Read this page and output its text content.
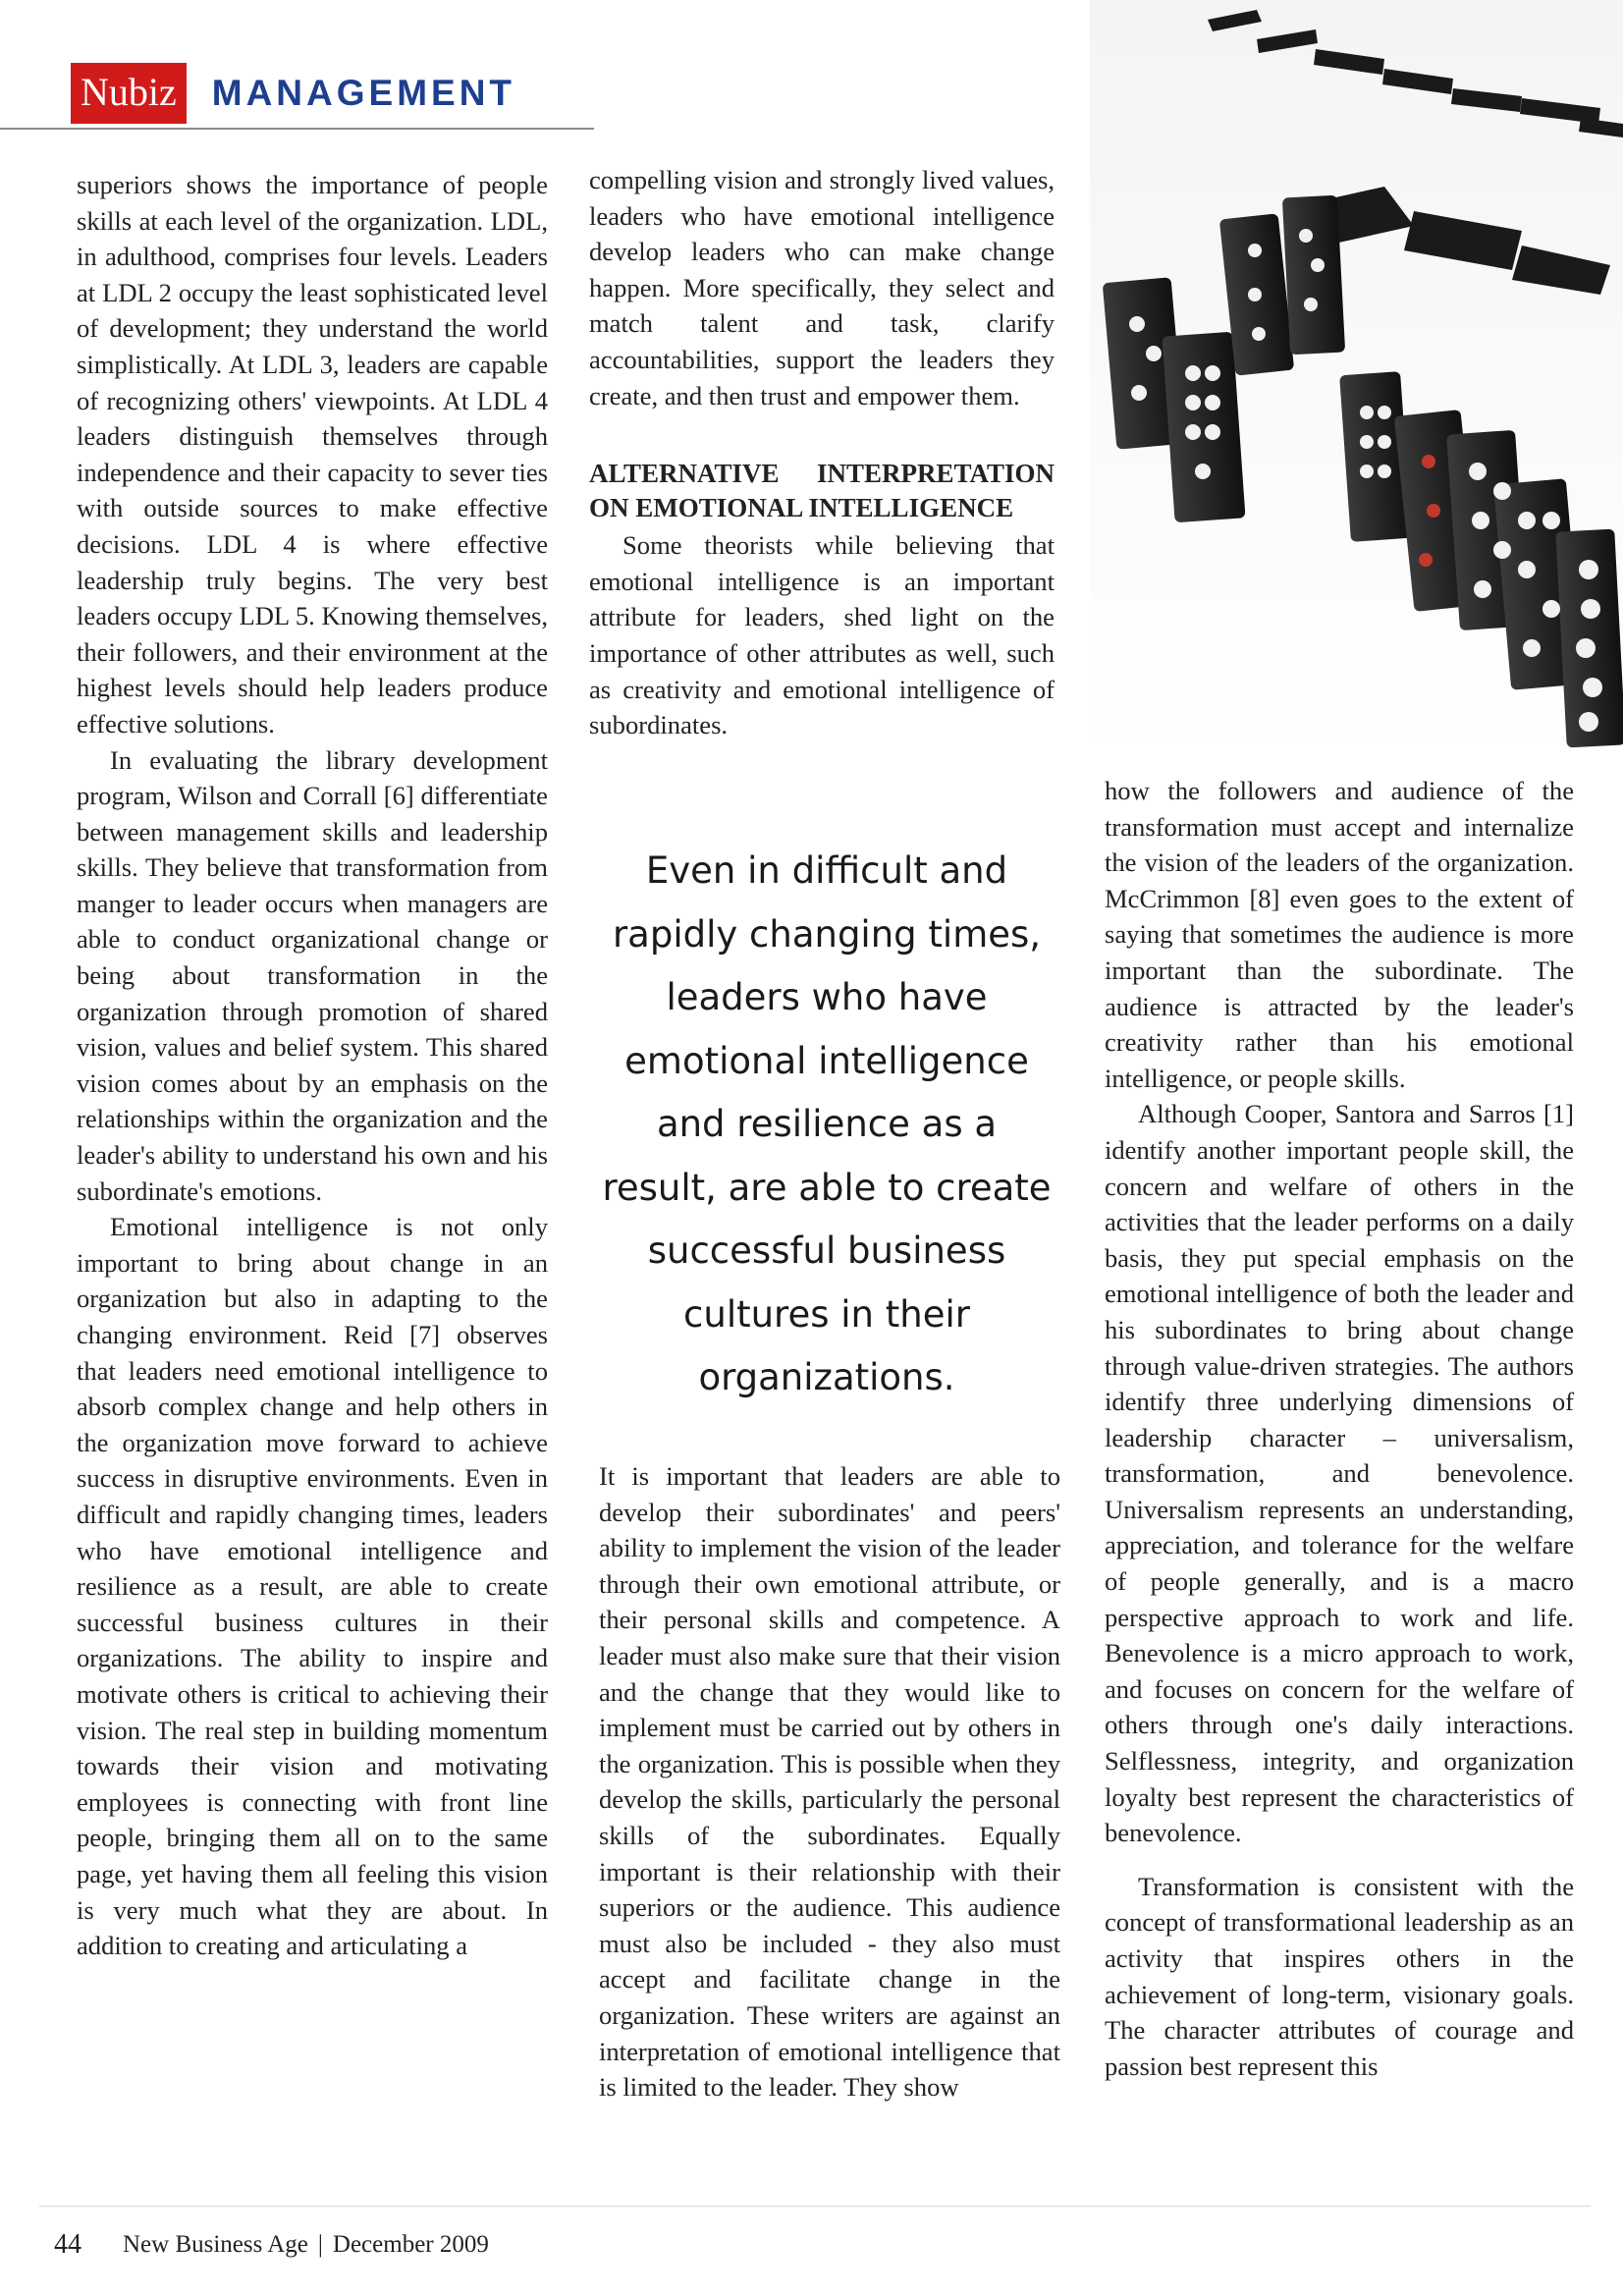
Nubiz MANAGEMENT

superiors shows the importance of people skills at each level of the organization. LDL, in adulthood, comprises four levels. Leaders at LDL 2 occupy the least sophisticated level of development; they understand the world simplistically. At LDL 3, leaders are capable of recognizing others' viewpoints. At LDL 4 leaders distinguish themselves through independence and their capacity to sever ties with outside sources to make effective decisions. LDL 4 is where effective leadership truly begins. The very best leaders occupy LDL 5. Knowing themselves, their followers, and their environment at the highest levels should help leaders produce effective solutions.

In evaluating the library development program, Wilson and Corrall [6] differentiate between management skills and leadership skills. They believe that transformation from manger to leader occurs when managers are able to conduct organizational change or being about transformation in the organization through promotion of shared vision, values and belief system. This shared vision comes about by an emphasis on the relationships within the organization and the leader's ability to understand his own and his subordinate's emotions.

Emotional intelligence is not only important to bring about change in an organization but also in adapting to the changing environment. Reid [7] observes that leaders need emotional intelligence to absorb complex change and help others in the organization move forward to achieve success in disruptive environments. Even in difficult and rapidly changing times, leaders who have emotional intelligence and resilience as a result, are able to create successful business cultures in their organizations. The ability to inspire and motivate others is critical to achieving their vision. The real step in building momentum towards their vision and motivating employees is connecting with front line people, bringing them all on to the same page, yet having them all feeling this vision is very much what they are about. In addition to creating and articulating a

compelling vision and strongly lived values, leaders who have emotional intelligence develop leaders who can make change happen. More specifically, they select and match talent and task, clarify accountabilities, support the leaders they create, and then trust and empower them.

ALTERNATIVE INTERPRETATION ON EMOTIONAL INTELLIGENCE

Some theorists while believing that emotional intelligence is an important attribute for leaders, shed light on the importance of other attributes as well, such as creativity and emotional intelligence of subordinates.

Even in difficult and rapidly changing times, leaders who have emotional intelligence and resilience as a result, are able to create successful business cultures in their organizations.

It is important that leaders are able to develop their subordinates' and peers' ability to implement the vision of the leader through their own emotional attribute, or their personal skills and competence. A leader must also make sure that their vision and the change that they would like to implement must be carried out by others in the organization. This is possible when they develop the skills, particularly the personal skills of the subordinates. Equally important is their relationship with their superiors or the audience. This audience must also be included - they also must accept and facilitate change in the organization. These writers are against an interpretation of emotional intelligence that is limited to the leader. They show

how the followers and audience of the transformation must accept and internalize the vision of the leaders of the organization. McCrimmon [8] even goes to the extent of saying that sometimes the audience is more important than the subordinate. The audience is attracted by the leader's creativity rather than his emotional intelligence, or people skills.

Although Cooper, Santora and Sarros [1] identify another important people skill, the concern and welfare of others in the activities that the leader performs on a daily basis, they put special emphasis on the emotional intelligence of both the leader and his subordinates to bring about change through value-driven strategies. The authors identify three underlying dimensions of leadership character – universalism, transformation, and benevolence. Universalism represents an understanding, appreciation, and tolerance for the welfare of people generally, and is a macro perspective approach to work and life. Benevolence is a micro approach to work, and focuses on concern for the welfare of others through one's daily interactions. Selflessness, integrity, and organization loyalty best represent the characteristics of benevolence.

Transformation is consistent with the concept of transformational leadership as an activity that inspires others in the achievement of long-term, visionary goals. The character attributes of courage and passion best represent this

44 New Business Age | December 2009
